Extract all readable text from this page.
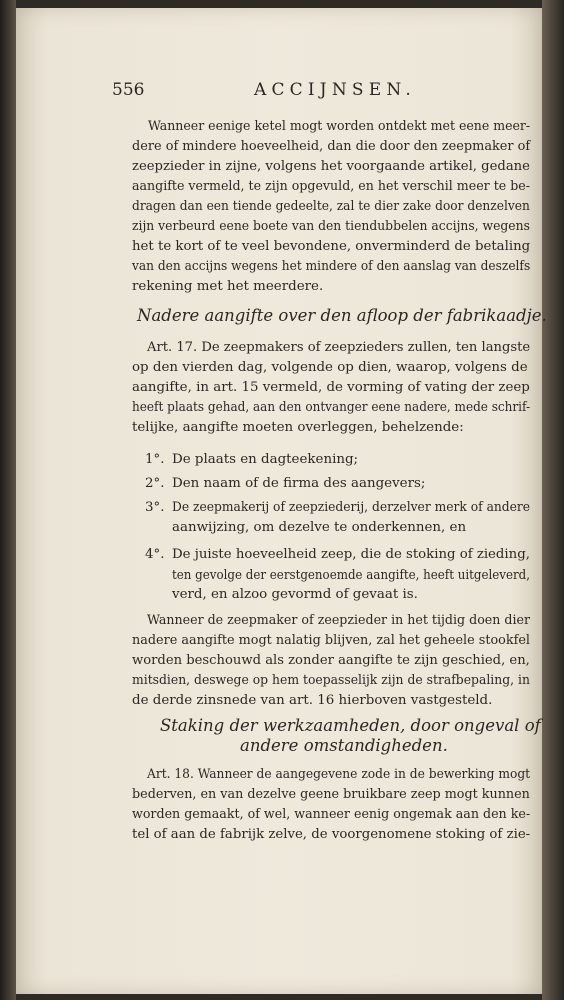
556	ACCIJNSEN.
Wanneer eenige ketel mogt worden ontdekt met eene meer-
dere of mindere hoeveelheid, dan die door den zeepmaker of
zeepzieder in zijne, volgens het voorgaande artikel, gedane
aangifte vermeld, te zijn opgevuld, en het verschil meer te be-
dragen dan een tiende gedeelte, zal te dier zake door denzelven
zijn verbeurd eene boete van den tiendubbelen accijns, wegens
het te kort of te veel bevondene, onverminderd de betaling
van den accijns wegens het mindere of den aanslag van deszelfs
rekening met het meerdere.
Nadere aangifte over den afloop der fabrikaadje.
Art. 17. De zeepmakers of zeepzieders zullen, ten langste
op den vierden dag, volgende op dien, waarop, volgens de
aangifte, in art. 15 vermeld, de vorming of vating der zeep
heeft plaats gehad, aan den ontvanger eene nadere, mede schrif-
telijke, aangifte moeten overleggen, behelzende:
1°. De plaats en dagteekening;
2°. Den naam of de firma des aangevers;
3°. De zeepmakerij of zeepziederij, derzelver merk of andere
aanwijzing, om dezelve te onderkennen, en
4°. De juiste hoeveelheid zeep, die de stoking of zieding,
ten gevolge der eerstgenoemde aangifte, heeft uitgeleverd,
verd, en alzoo gevormd of gevaat is.
Wanneer de zeepmaker of zeepzieder in het tijdig doen dier
nadere aangifte mogt nalatig blijven, zal het geheele stookfel
worden beschouwd als zonder aangifte te zijn geschied, en,
mitsdien, deswege op hem toepasselijk zijn de strafbepaling, in
de derde zinsnede van art. 16 hierboven vastgesteld.
Staking der werkzaamheden, door ongeval of
andere omstandigheden.
Art. 18. Wanneer de aangegevene zode in de bewerking mogt
bederven, en van dezelve geene bruikbare zeep mogt kunnen
worden gemaakt, of wel, wanneer eenig ongemak aan den ke-
tel of aan de fabrijk zelve, de voorgenomene stoking of zie-
